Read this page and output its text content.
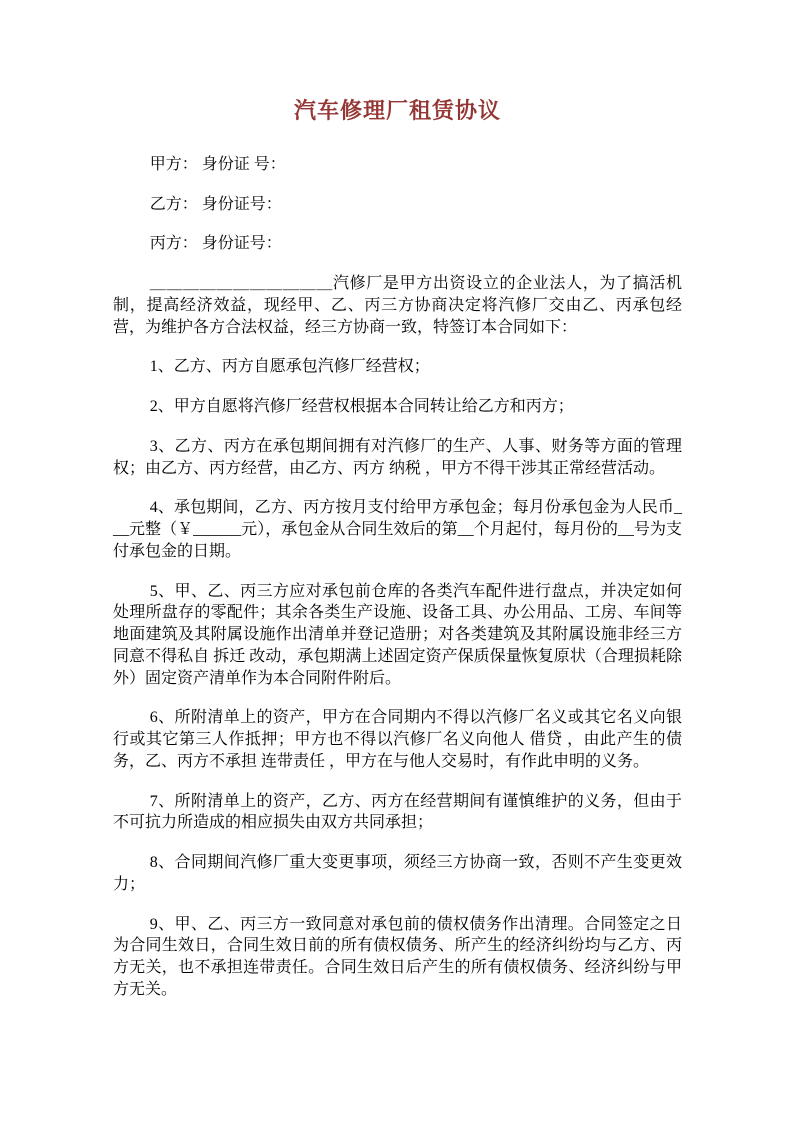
汽车修理厂租赁协议

甲方： 身份证 号：

乙方： 身份证号：

丙方： 身份证号：

＿＿＿＿＿＿＿＿＿＿＿汽修厂是甲方出资设立的企业法人，为了搞活机制，提高经济效益，现经甲、乙、丙三方协商决定将汽修厂交由乙、丙承包经营，为维护各方合法权益，经三方协商一致，特签订本合同如下：

1、乙方、丙方自愿承包汽修厂经营权；

2、甲方自愿将汽修厂经营权根据本合同转让给乙方和丙方；

3、乙方、丙方在承包期间拥有对汽修厂的生产、人事、财务等方面的管理权；由乙方、丙方经营，由乙方、丙方 纳税 ，甲方不得干涉其正常经营活动。

4、承包期间，乙方、丙方按月支付给甲方承包金；每月份承包金为人民币___元整（￥______元），承包金从合同生效后的第__个月起付，每月份的__号为支付承包金的日期。

5、甲、乙、丙三方应对承包前仓库的各类汽车配件进行盘点，并决定如何处理所盘存的零配件；其余各类生产设施、设备工具、办公用品、工房、车间等地面建筑及其附属设施作出清单并登记造册；对各类建筑及其附属设施非经三方同意不得私自 拆迁 改动，承包期满上述固定资产保质保量恢复原状（合理损耗除外）固定资产清单作为本合同附件附后。

6、所附清单上的资产，甲方在合同期内不得以汽修厂名义或其它名义向银行或其它第三人作抵押；甲方也不得以汽修厂名义向他人 借贷 ，由此产生的债务，乙、丙方不承担 连带责任 ，甲方在与他人交易时，有作此申明的义务。

7、所附清单上的资产，乙方、丙方在经营期间有谨慎维护的义务，但由于不可抗力所造成的相应损失由双方共同承担；

8、合同期间汽修厂重大变更事项，须经三方协商一致，否则不产生变更效力；

9、甲、乙、丙三方一致同意对承包前的债权债务作出清理。合同签定之日为合同生效日，合同生效日前的所有债权债务、所产生的经济纠纷均与乙方、丙方无关，也不承担连带责任。合同生效日后产生的所有债权债务、经济纠纷与甲方无关。
